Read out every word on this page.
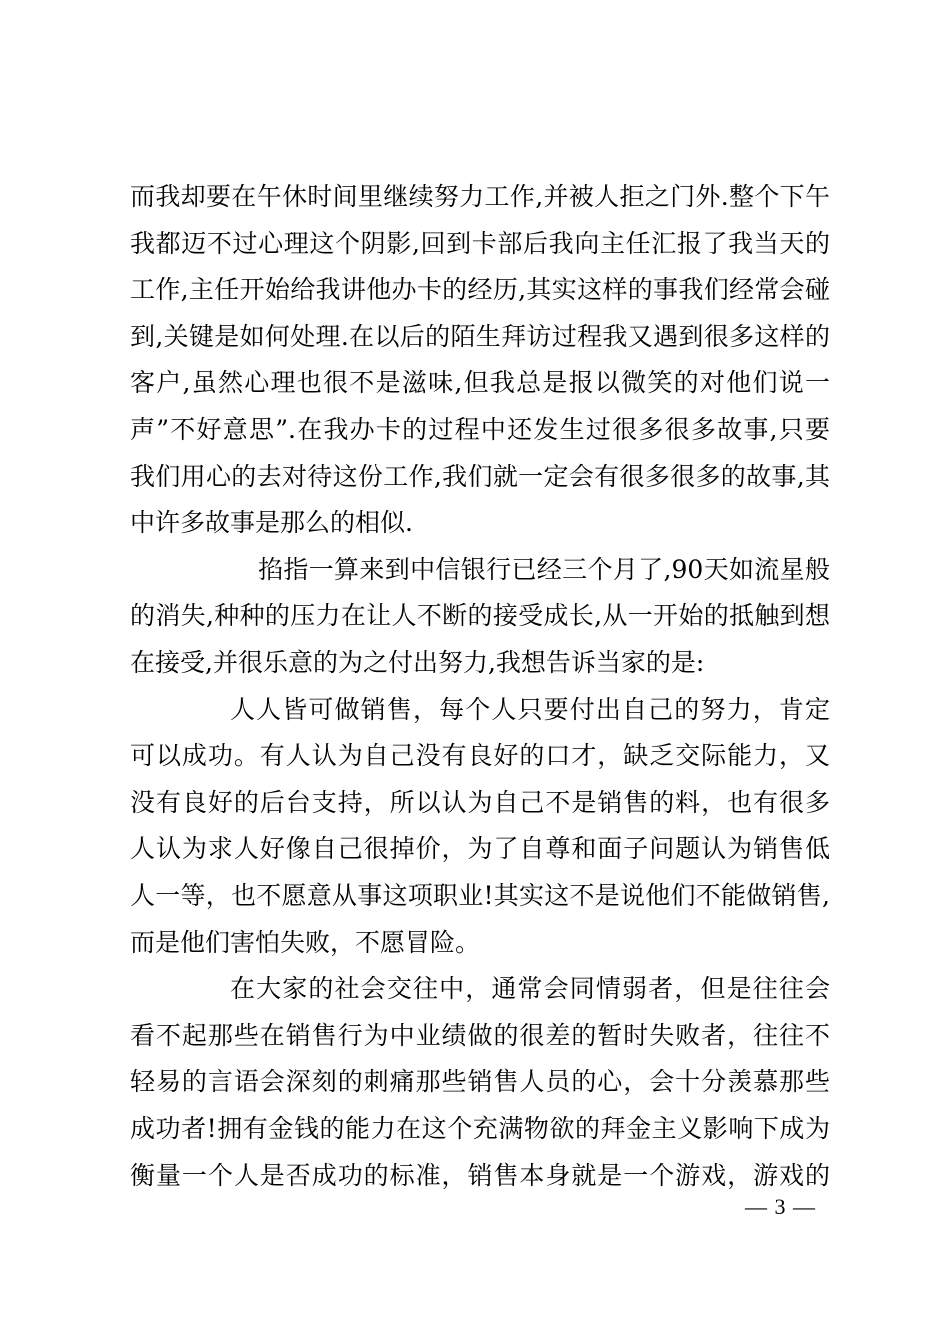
而我却要在午休时间里继续努力工作,并被人拒之门外.整个下午
我都迈不过心理这个阴影,回到卡部后我向主任汇报了我当天的
工作,主任开始给我讲他办卡的经历,其实这样的事我们经常会碰
到,关键是如何处理.在以后的陌生拜访过程我又遇到很多这样的
客户,虽然心理也很不是滋味,但我总是报以微笑的对他们说一
声”不好意思”.在我办卡的过程中还发生过很多很多故事,只要
我们用心的去对待这份工作,我们就一定会有很多很多的故事,其
中许多故事是那么的相似.
掐指一算来到中信银行已经三个月了,90天如流星般
的消失,种种的压力在让人不断的接受成长,从一开始的抵触到想
在接受,并很乐意的为之付出努力,我想告诉当家的是:
人人皆可做销售，每个人只要付出自己的努力，肯定
可以成功。有人认为自己没有良好的口才，缺乏交际能力，又
没有良好的后台支持，所以认为自己不是销售的料，也有很多
人认为求人好像自己很掉价，为了自尊和面子问题认为销售低
人一等，也不愿意从事这项职业!其实这不是说他们不能做销售,
而是他们害怕失败，不愿冒险。
在大家的社会交往中，通常会同情弱者，但是往往会
看不起那些在销售行为中业绩做的很差的暂时失败者，往往不
轻易的言语会深刻的刺痛那些销售人员的心，会十分羡慕那些
成功者!拥有金钱的能力在这个充满物欲的拜金主义影响下成为
衡量一个人是否成功的标准，销售本身就是一个游戏，游戏的
— 3 —
